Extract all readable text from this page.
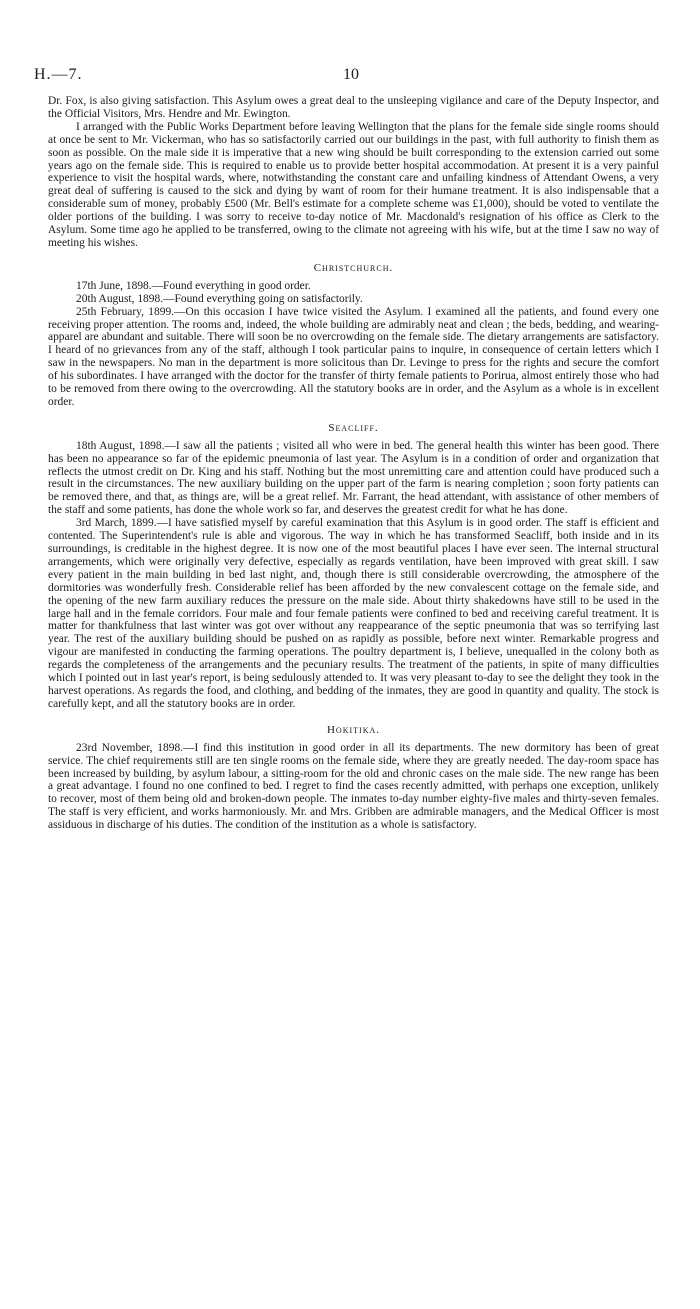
H.—7.	10

Dr. Fox, is also giving satisfaction. This Asylum owes a great deal to the unsleeping vigilance and care of the Deputy Inspector, and the Official Visitors, Mrs. Hendre and Mr. Ewington.

I arranged with the Public Works Department before leaving Wellington that the plans for the female side single rooms should at once be sent to Mr. Vickerman, who has so satisfactorily carried out our buildings in the past, with full authority to finish them as soon as possible. On the male side it is imperative that a new wing should be built corresponding to the extension carried out some years ago on the female side. This is required to enable us to provide better hospital accommodation. At present it is a very painful experience to visit the hospital wards, where, notwithstanding the constant care and unfailing kindness of Attendant Owens, a very great deal of suffering is caused to the sick and dying by want of room for their humane treatment. It is also indispensable that a considerable sum of money, probably £500 (Mr. Bell's estimate for a complete scheme was £1,000), should be voted to ventilate the older portions of the building. I was sorry to receive to-day notice of Mr. Macdonald's resignation of his office as Clerk to the Asylum. Some time ago he applied to be transferred, owing to the climate not agreeing with his wife, but at the time I saw no way of meeting his wishes.

Christchurch.

17th June, 1898.—Found everything in good order.

20th August, 1898.—Found everything going on satisfactorily.

25th February, 1899.—On this occasion I have twice visited the Asylum. I examined all the patients, and found every one receiving proper attention. The rooms and, indeed, the whole building are admirably neat and clean ; the beds, bedding, and wearing-apparel are abundant and suitable. There will soon be no overcrowding on the female side. The dietary arrangements are satisfactory. I heard of no grievances from any of the staff, although I took particular pains to inquire, in consequence of certain letters which I saw in the newspapers. No man in the department is more solicitous than Dr. Levinge to press for the rights and secure the comfort of his subordinates. I have arranged with the doctor for the transfer of thirty female patients to Porirua, almost entirely those who had to be removed from there owing to the overcrowding. All the statutory books are in order, and the Asylum as a whole is in excellent order.

Seacliff.

18th August, 1898.—I saw all the patients ; visited all who were in bed. The general health this winter has been good. There has been no appearance so far of the epidemic pneumonia of last year. The Asylum is in a condition of order and organization that reflects the utmost credit on Dr. King and his staff. Nothing but the most unremitting care and attention could have produced such a result in the circumstances. The new auxiliary building on the upper part of the farm is nearing completion ; soon forty patients can be removed there, and that, as things are, will be a great relief. Mr. Farrant, the head attendant, with assistance of other members of the staff and some patients, has done the whole work so far, and deserves the greatest credit for what he has done.

3rd March, 1899.—I have satisfied myself by careful examination that this Asylum is in good order. The staff is efficient and contented. The Superintendent's rule is able and vigorous. The way in which he has transformed Seacliff, both inside and in its surroundings, is creditable in the highest degree. It is now one of the most beautiful places I have ever seen. The internal structural arrangements, which were originally very defective, especially as regards ventilation, have been improved with great skill. I saw every patient in the main building in bed last night, and, though there is still considerable overcrowding, the atmosphere of the dormitories was wonderfully fresh. Considerable relief has been afforded by the new convalescent cottage on the female side, and the opening of the new farm auxiliary reduces the pressure on the male side. About thirty shakedowns have still to be used in the large hall and in the female corridors. Four male and four female patients were confined to bed and receiving careful treatment. It is matter for thankfulness that last winter was got over without any reappearance of the septic pneumonia that was so terrifying last year. The rest of the auxiliary building should be pushed on as rapidly as possible, before next winter. Remarkable progress and vigour are manifested in conducting the farming operations. The poultry department is, I believe, unequalled in the colony both as regards the completeness of the arrangements and the pecuniary results. The treatment of the patients, in spite of many difficulties which I pointed out in last year's report, is being sedulously attended to. It was very pleasant to-day to see the delight they took in the harvest operations. As regards the food, and clothing, and bedding of the inmates, they are good in quantity and quality. The stock is carefully kept, and all the statutory books are in order.

Hokitika.

23rd November, 1898.—I find this institution in good order in all its departments. The new dormitory has been of great service. The chief requirements still are ten single rooms on the female side, where they are greatly needed. The day-room space has been increased by building, by asylum labour, a sitting-room for the old and chronic cases on the male side. The new range has been a great advantage. I found no one confined to bed. I regret to find the cases recently admitted, with perhaps one exception, unlikely to recover, most of them being old and broken-down people. The inmates to-day number eighty-five males and thirty-seven females. The staff is very efficient, and works harmoniously. Mr. and Mrs. Gribben are admirable managers, and the Medical Officer is most assiduous in discharge of his duties. The condition of the institution as a whole is satisfactory.
